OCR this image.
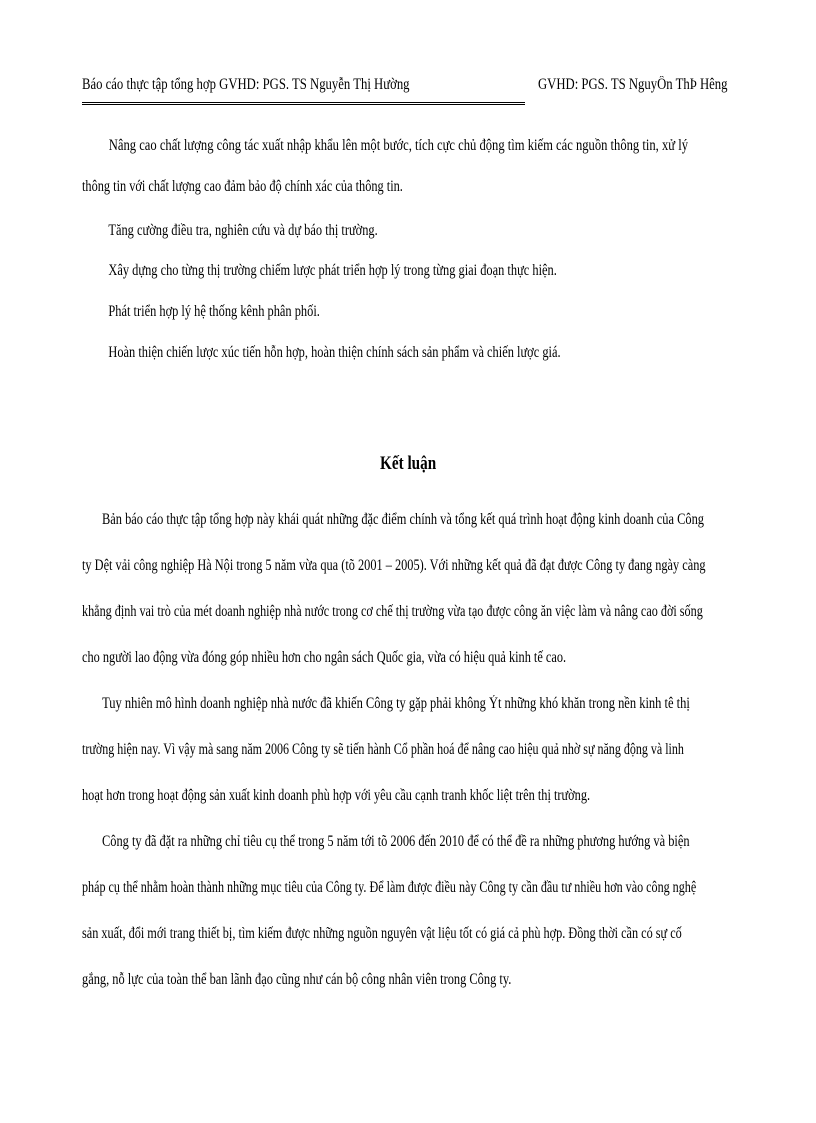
Báo cáo thực tập tổng hợp GVHD: PGS. TS Nguyễn Thị Hường	GVHD: PGS. TS NguyÔn ThÞ Hêng
Nâng cao chất lượng công tác xuất nhập khẩu lên một bước, tích cực chủ động tìm kiếm các nguồn thông tin, xử lý
thông tin với chất lượng cao đảm bảo độ chính xác của thông tin.
Tăng cường điều tra, nghiên cứu và dự báo thị trường.
Xây dựng cho từng thị trường chiếm lược phát triển hợp lý trong từng giai đoạn thực hiện.
Phát triển hợp lý hệ thống kênh phân phối.
Hoàn thiện chiến lược xúc tiến hỗn hợp, hoàn thiện chính sách sản phẩm và chiến lược giá.
Kết luận
Bản báo cáo thực tập tổng hợp này khái quát những đặc điểm chính và tổng kết quá trình hoạt động kinh doanh của Công
ty Dệt vải công nghiệp Hà Nội trong 5 năm vừa qua (tõ 2001 – 2005). Với những kết quả đã đạt được Công ty đang ngày càng
khẳng định vai trò của mét doanh nghiệp nhà nước trong cơ chế thị trường vừa tạo được công ăn việc làm và nâng cao đời sống
cho người lao động vừa đóng góp nhiều hơn cho ngân sách Quốc gia, vừa có hiệu quả kinh tế cao.
Tuy nhiên mô hình doanh nghiệp nhà nước đã khiến Công ty gặp phải không Ýt những khó khăn trong nền kinh tê thị
trường hiện nay. Vì vậy mà sang năm 2006 Công ty sẽ tiến hành Cổ phần hoá để nâng cao hiệu quả nhờ sự năng động và linh
hoạt hơn trong hoạt động sản xuất kinh doanh phù hợp với yêu cầu cạnh tranh khốc liệt trên thị trường.
Công ty đã đặt ra những chỉ tiêu cụ thể trong 5 năm tới tõ 2006 đến 2010 để có thể đề ra những phương hướng và biện
pháp cụ thể nhằm hoàn thành những mục tiêu của Công ty. Để làm được điều này Công ty cần đầu tư nhiều hơn vào công nghệ
sản xuất, đổi mới trang thiết bị, tìm kiếm được những nguồn nguyên vật liệu tốt có giá cả phù hợp. Đồng thời cần có sự cố
gắng, nỗ lực của toàn thể ban lãnh đạo cũng như cán bộ công nhân viên trong Công ty.
